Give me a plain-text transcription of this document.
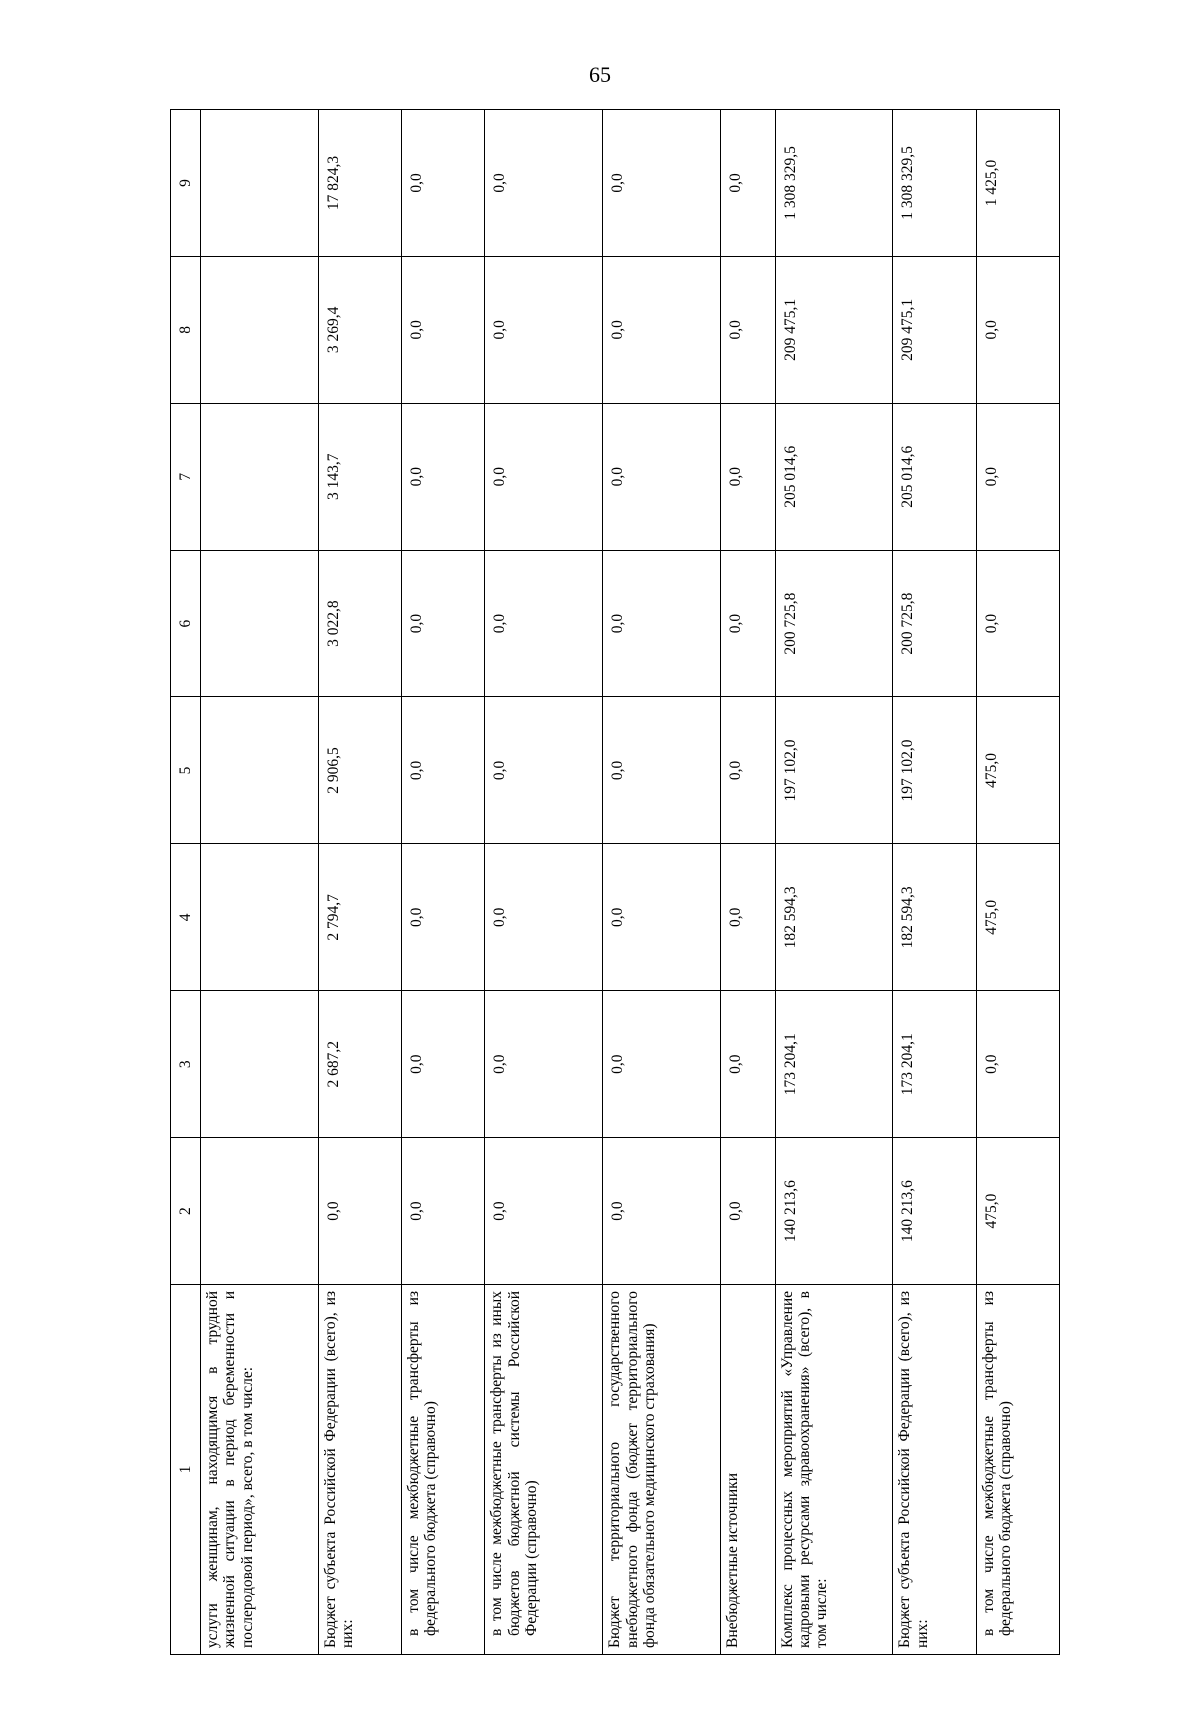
65
1	2	3	4	5	6	7	8	9
услуги женщинам, находящимся в трудной жизненной ситуации в период беременности и послеродовой период», всего, в том числе:								
Бюджет субъекта Российской Федерации (всего), из них:	0,0	2 687,2	2 794,7	2 906,5	3 022,8	3 143,7	3 269,4	17 824,3
в том числе межбюджетные трансферты из федерального бюджета (справочно)	0,0	0,0	0,0	0,0	0,0	0,0	0,0	0,0
в том числе межбюджетные трансферты из иных бюджетов бюджетной системы Российской Федерации (справочно)	0,0	0,0	0,0	0,0	0,0	0,0	0,0	0,0
Бюджет территориального государственного внебюджетного фонда (бюджет территориального фонда обязательного медицинского страхования)	0,0	0,0	0,0	0,0	0,0	0,0	0,0	0,0
Внебюджетные источники	0,0	0,0	0,0	0,0	0,0	0,0	0,0	0,0
Комплекс процессных мероприятий «Управление кадровыми ресурсами здравоохранения» (всего), в том числе:	140 213,6	173 204,1	182 594,3	197 102,0	200 725,8	205 014,6	209 475,1	1 308 329,5
Бюджет субъекта Российской Федерации (всего), из них:	140 213,6	173 204,1	182 594,3	197 102,0	200 725,8	205 014,6	209 475,1	1 308 329,5
в том числе межбюджетные трансферты из федерального бюджета (справочно)	475,0	0,0	475,0	475,0	0,0	0,0	0,0	1 425,0
